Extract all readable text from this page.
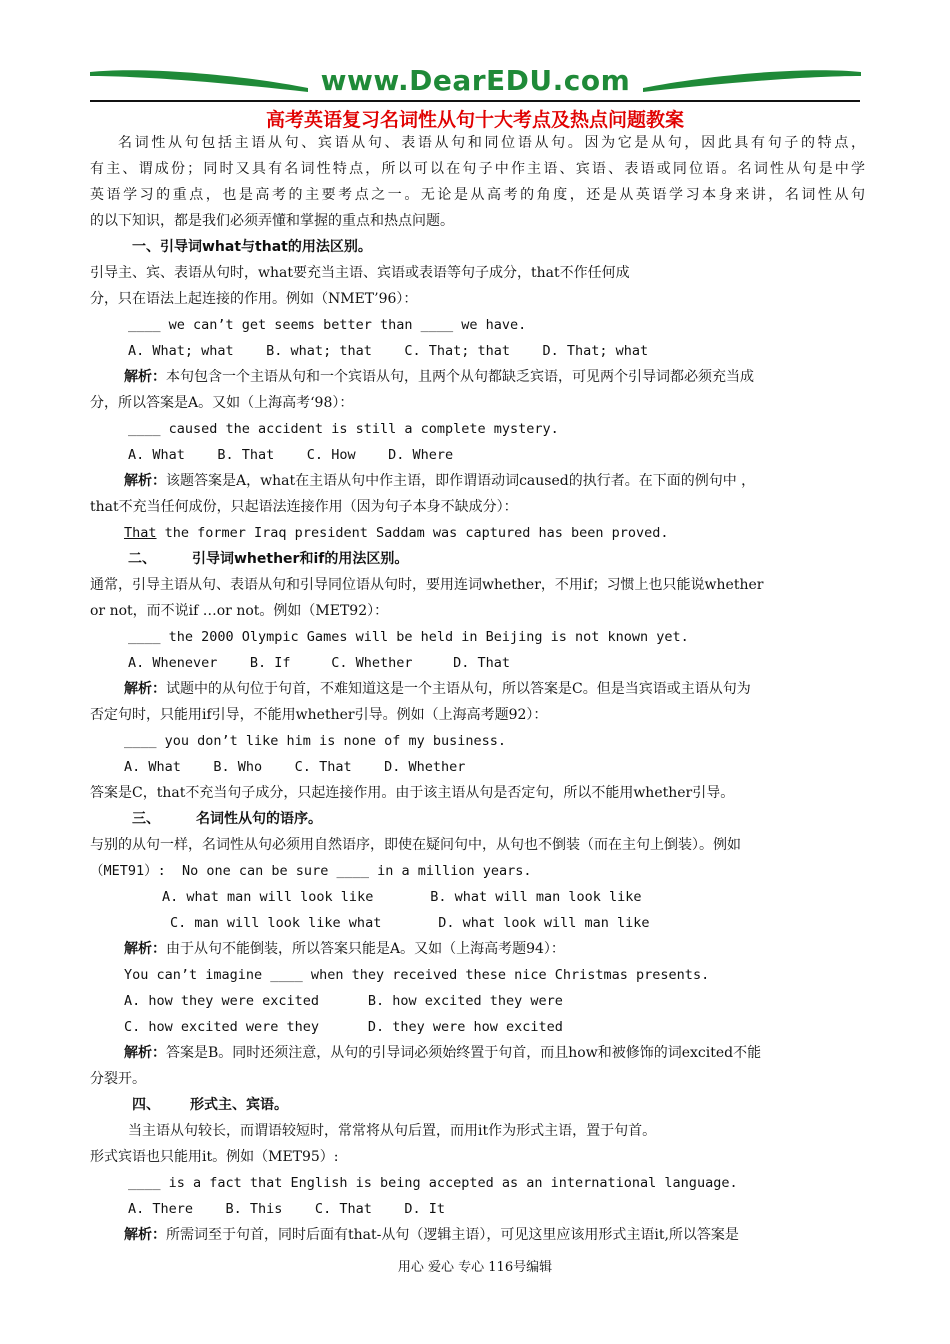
www.DearEDU.com
高考英语复习名词性从句十大考点及热点问题教案
名词性从句包括主语从句、宾语从句、表语从句和同位语从句。因为它是从句，因此具有句子的特点，
有主、谓成份；同时又具有名词性特点，所以可以在句子中作主语、宾语、表语或同位语。名词性从句是中学
英语学习的重点，也是高考的主要考点之一。无论是从高考的角度，还是从英语学习本身来讲，名词性从句
的以下知识，都是我们必须弄懂和掌握的重点和热点问题。
一、引导词what与that的用法区别。
引导主、宾、表语从句时，what要充当主语、宾语或表语等句子成分，that不作任何成
分，只在语法上起连接的作用。例如（NMET’96）：
____ we can’t get seems better than ____ we have.
A. What; what    B. what; that    C. That; that    D. That; what
解析：本句包含一个主语从句和一个宾语从句，且两个从句都缺乏宾语，可见两个引导词都必须充当成
分，所以答案是A。又如（上海高考‘98）：
____ caused the accident is still a complete mystery.
A. What    B. That    C. How    D. Where
解析：该题答案是A，what在主语从句中作主语，即作谓语动词caused的执行者。在下面的例句中 ，
that不充当任何成份，只起语法连接作用（因为句子本身不缺成分）：
That the former Iraq president Saddam was captured has been proved.
二、	引导词whether和if的用法区别。
通常，引导主语从句、表语从句和引导同位语从句时，要用连词whether，不用if；习惯上也只能说whether
or not，而不说if …or not。例如（MET92）：
____ the 2000 Olympic Games will be held in Beijing is not known yet.
A. Whenever    B. If     C. Whether     D. That
解析：试题中的从句位于句首，不难知道这是一个主语从句，所以答案是C。但是当宾语或主语从句为
否定句时，只能用if引导，不能用whether引导。例如（上海高考题92）：
____ you don’t like him is none of my business.
A. What    B. Who    C. That    D. Whether
答案是C，that不充当句子成分，只起连接作用。由于该主语从句是否定句，所以不能用whether引导。
三、	名词性从句的语序。
与别的从句一样，名词性从句必须用自然语序，即使在疑问句中，从句也不倒装（而在主句上倒装）。例如
（MET91）:  No one can be sure ____ in a million years.
A. what man will look like       B. what will man look like
C. man will look like what       D. what look will man like
解析：由于从句不能倒装，所以答案只能是A。又如（上海高考题94）：
You can’t imagine ____ when they received these nice Christmas presents.
A. how they were excited      B. how excited they were
C. how excited were they      D. they were how excited
解析：答案是B。同时还须注意，从句的引导词必须始终置于句首，而且how和被修饰的词excited不能
分裂开。
四、 形式主、宾语。
当主语从句较长，而谓语较短时，常常将从句后置，而用it作为形式主语，置于句首。
形式宾语也只能用it。例如（MET95）:
____ is a fact that English is being accepted as an international language.
A. There    B. This    C. That    D. It
解析：所需词至于句首，同时后面有that-从句（逻辑主语），可见这里应该用形式主语it,所以答案是
用心 爱心 专心 116号编辑
